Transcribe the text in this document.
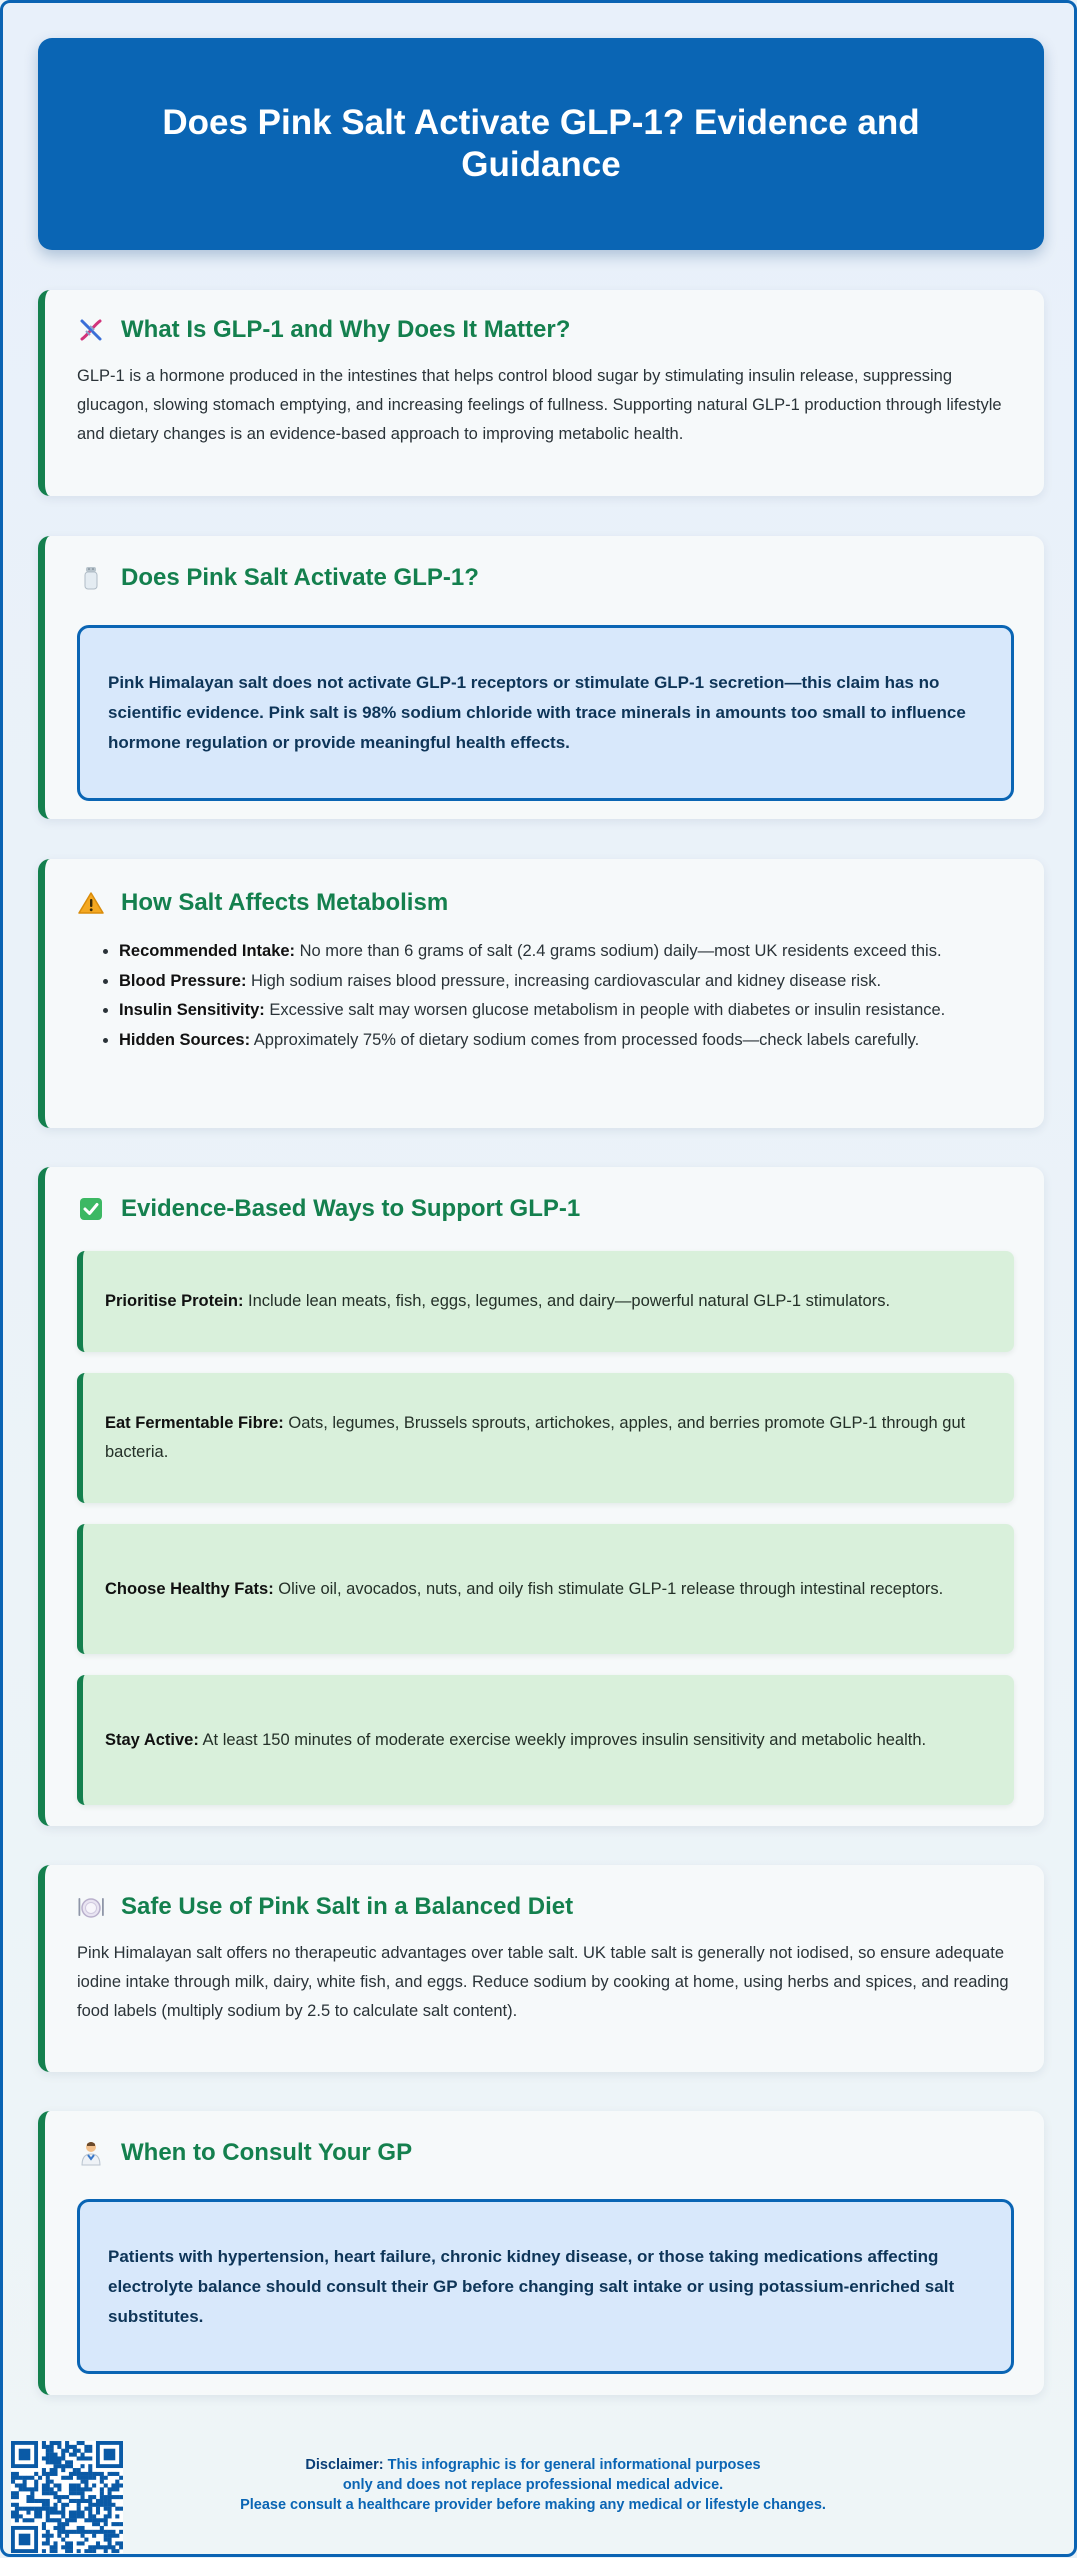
Does Pink Salt Activate GLP-1? Evidence and Guidance
What Is GLP-1 and Why Does It Matter?

GLP-1 is a hormone produced in the intestines that helps control blood sugar by stimulating insulin release, suppressing glucagon, slowing stomach emptying, and increasing feelings of fullness. Supporting natural GLP-1 production through lifestyle and dietary changes is an evidence-based approach to improving metabolic health.

Does Pink Salt Activate GLP-1?

Pink Himalayan salt does not activate GLP-1 receptors or stimulate GLP-1 secretion—this claim has no scientific evidence. Pink salt is 98% sodium chloride with trace minerals in amounts too small to influence hormone regulation or provide meaningful health effects.

How Salt Affects Metabolism
• Recommended Intake: No more than 6 grams of salt (2.4 grams sodium) daily—most UK residents exceed this.
• Blood Pressure: High sodium raises blood pressure, increasing cardiovascular and kidney disease risk.
• Insulin Sensitivity: Excessive salt may worsen glucose metabolism in people with diabetes or insulin resistance.
• Hidden Sources: Approximately 75% of dietary sodium comes from processed foods—check labels carefully.
Evidence-Based Ways to Support GLP-1

Prioritise Protein: Include lean meats, fish, eggs, legumes, and dairy—powerful natural GLP-1 stimulators.

Eat Fermentable Fibre: Oats, legumes, Brussels sprouts, artichokes, apples, and berries promote GLP-1 through gut bacteria.

Choose Healthy Fats: Olive oil, avocados, nuts, and oily fish stimulate GLP-1 release through intestinal receptors.

Stay Active: At least 150 minutes of moderate exercise weekly improves insulin sensitivity and metabolic health.

Safe Use of Pink Salt in a Balanced Diet

Pink Himalayan salt offers no therapeutic advantages over table salt. UK table salt is generally not iodised, so ensure adequate iodine intake through milk, dairy, white fish, and eggs. Reduce sodium by cooking at home, using herbs and spices, and reading food labels (multiply sodium by 2.5 to calculate salt content).

When to Consult Your GP

Patients with hypertension, heart failure, chronic kidney disease, or those taking medications affecting electrolyte balance should consult their GP before changing salt intake or using potassium-enriched salt substitutes.

Disclaimer: This infographic is for general informational purposes
only and does not replace professional medical advice.
Please consult a healthcare provider before making any medical or lifestyle changes.
